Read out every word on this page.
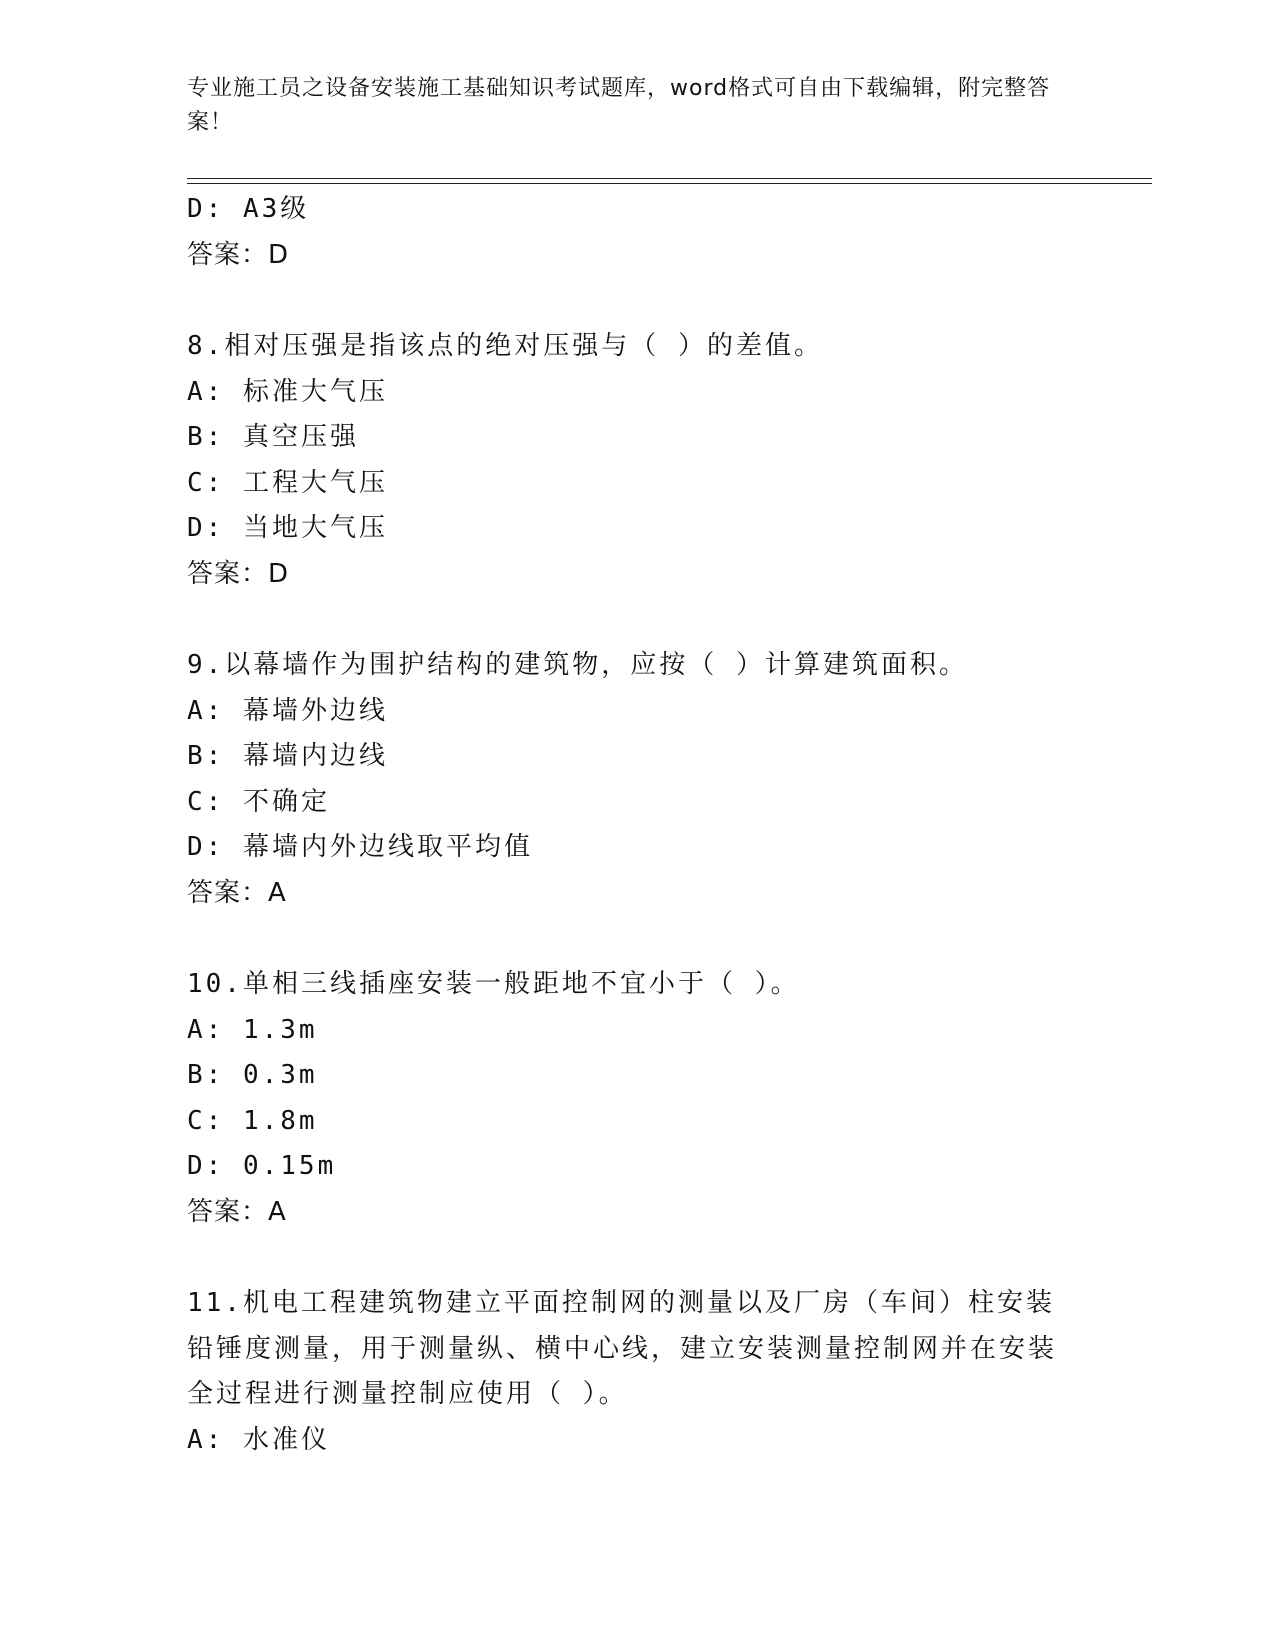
专业施工员之设备安装施工基础知识考试题库，word格式可自由下载编辑，附完整答案！
D: A3级
答案：D
8.相对压强是指该点的绝对压强与（ ）的差值。
A: 标准大气压
B: 真空压强
C: 工程大气压
D: 当地大气压
答案：D
9.以幕墙作为围护结构的建筑物，应按（ ）计算建筑面积。
A: 幕墙外边线
B: 幕墙内边线
C: 不确定
D: 幕墙内外边线取平均值
答案：A
10.单相三线插座安装一般距地不宜小于（ ）。
A: 1.3m
B: 0.3m
C: 1.8m
D: 0.15m
答案：A
11.机电工程建筑物建立平面控制网的测量以及厂房（车间）柱安装铅锤度测量，用于测量纵、横中心线，建立安装测量控制网并在安装全过程进行测量控制应使用（ ）。
A: 水准仪
